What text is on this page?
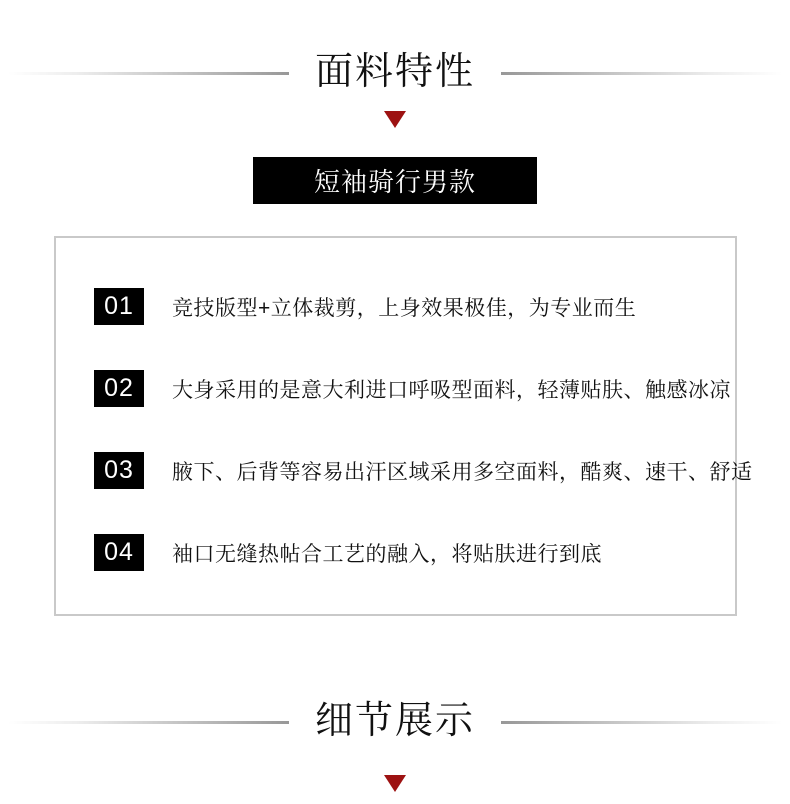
面料特性
短袖骑行男款
01	竞技版型+立体裁剪，上身效果极佳，为专业而生
02	大身采用的是意大利进口呼吸型面料，轻薄贴肤、触感冰凉
03	腋下、后背等容易出汗区域采用多空面料，酷爽、速干、舒适
04	袖口无缝热帖合工艺的融入，将贴肤进行到底
细节展示
